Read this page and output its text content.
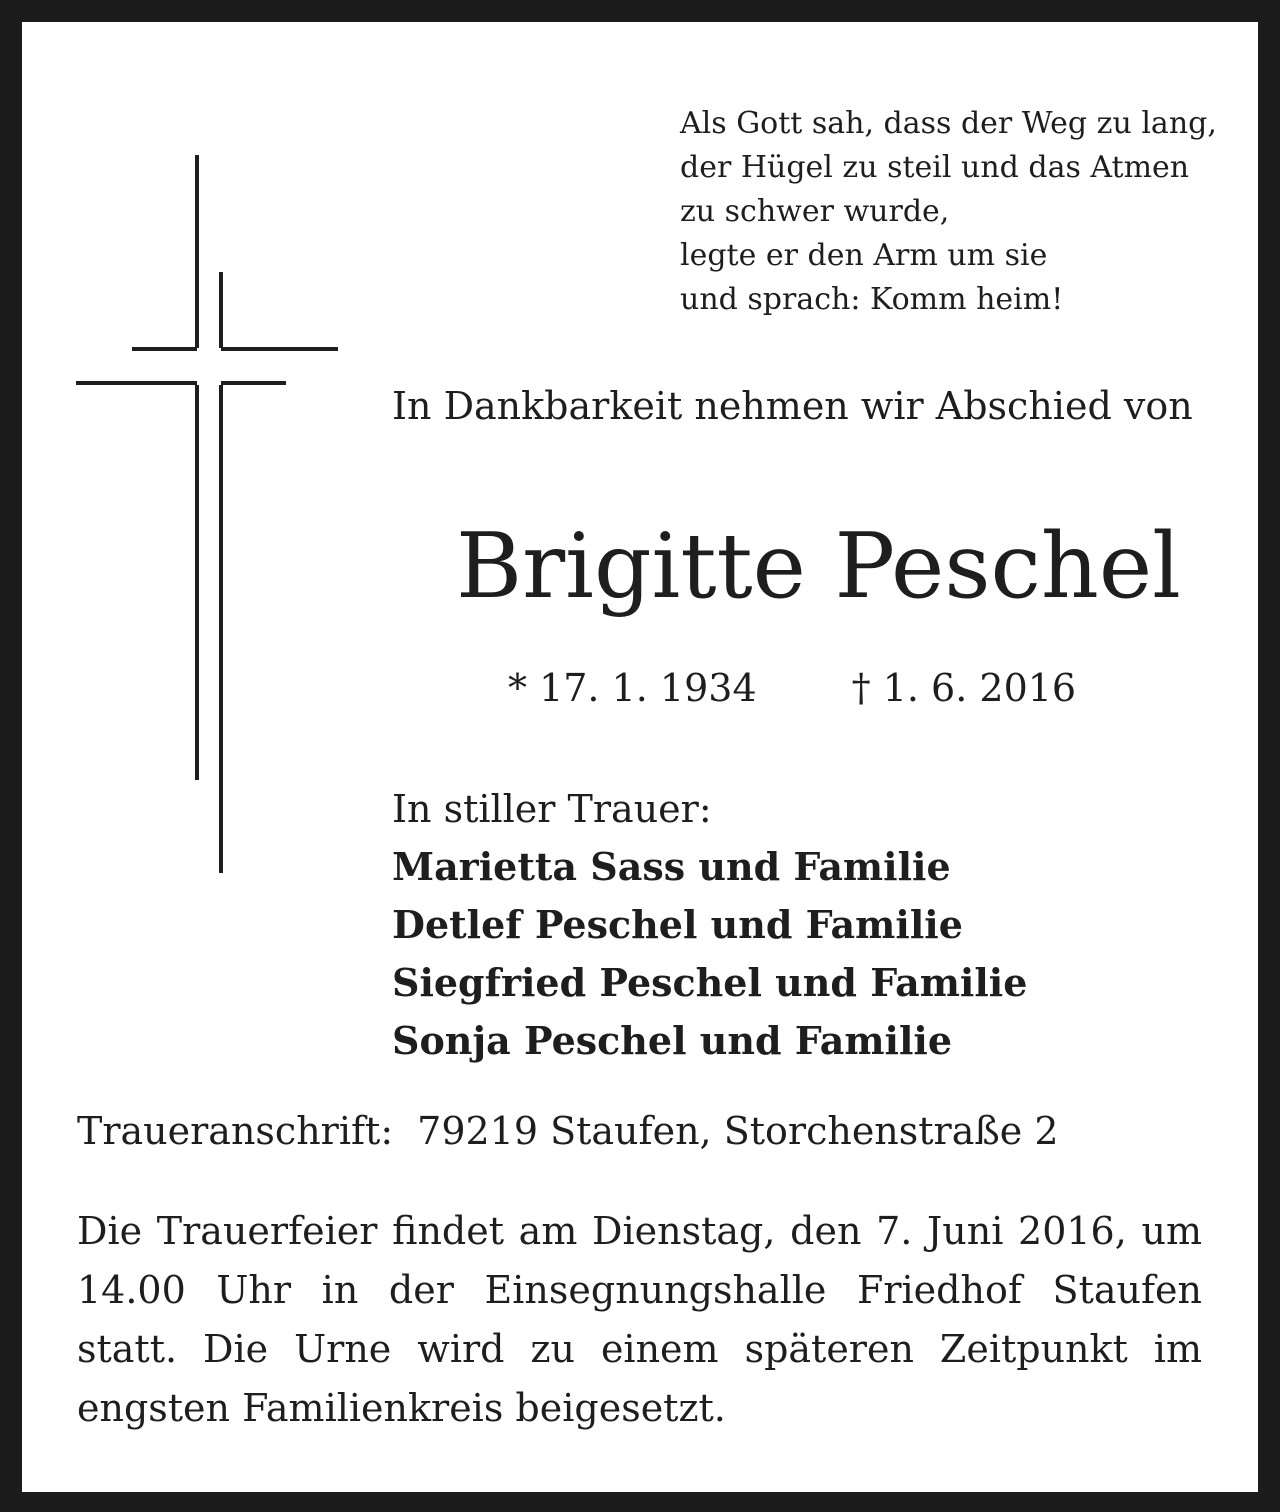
Als Gott sah, dass der Weg zu lang,
der Hügel zu steil und das Atmen
zu schwer wurde,
legte er den Arm um sie
und sprach: Komm heim!
In Dankbarkeit nehmen wir Abschied von
Brigitte Peschel
* 17. 1. 1934	† 1. 6. 2016
In stiller Trauer:
Marietta Sass und Familie
Detlef Peschel und Familie
Siegfried Peschel und Familie
Sonja Peschel und Familie
Traueranschrift: 79219 Staufen, Storchenstraße 2
Die Trauerfeier findet am Dienstag, den 7. Juni 2016, um 14.00 Uhr in der Einsegnungshalle Friedhof Staufen statt. Die Urne wird zu einem späteren Zeitpunkt im engsten Familienkreis beigesetzt.
